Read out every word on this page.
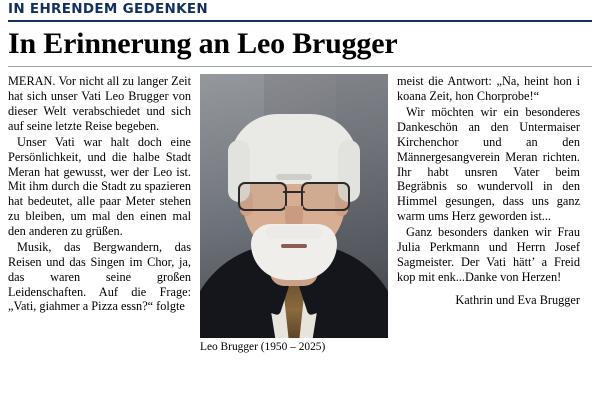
IN EHRENDEM GEDENKEN
In Erinnerung an Leo Brugger

MERAN. Vor nicht all zu langer Zeit hat sich unser Vati Leo Brugger von dieser Welt verabschiedet und sich auf seine letzte Reise begeben.

Unser Vati war halt doch eine Persönlichkeit, und die halbe Stadt Meran hat gewusst, wer der Leo ist. Mit ihm durch die Stadt zu spazieren hat bedeutet, alle paar Meter stehen zu bleiben, um mal den einen mal den anderen zu grüßen.

Musik, das Bergwandern, das Reisen und das Singen im Chor, ja, das waren seine großen Leidenschaften. Auf die Frage: „Vati, giahmer a Pizza essn?“ folgte

Leo Brugger (1950 – 2025)

meist die Antwort: „Na, heint hon i koana Zeit, hon Chorprobe!“

Wir möchten wir ein besonderes Dankeschön an den Untermaiser Kirchenchor und an den Männergesangverein Meran richten. Ihr habt unsren Vater beim Begräbnis so wundervoll in den Himmel gesungen, dass uns ganz warm ums Herz geworden ist...

Ganz besonders danken wir Frau Julia Perkmann und Herrn Josef Sagmeister. Der Vati hätt’ a Freid kop mit enk...Danke von Herzen!

Kathrin und Eva Brugger
